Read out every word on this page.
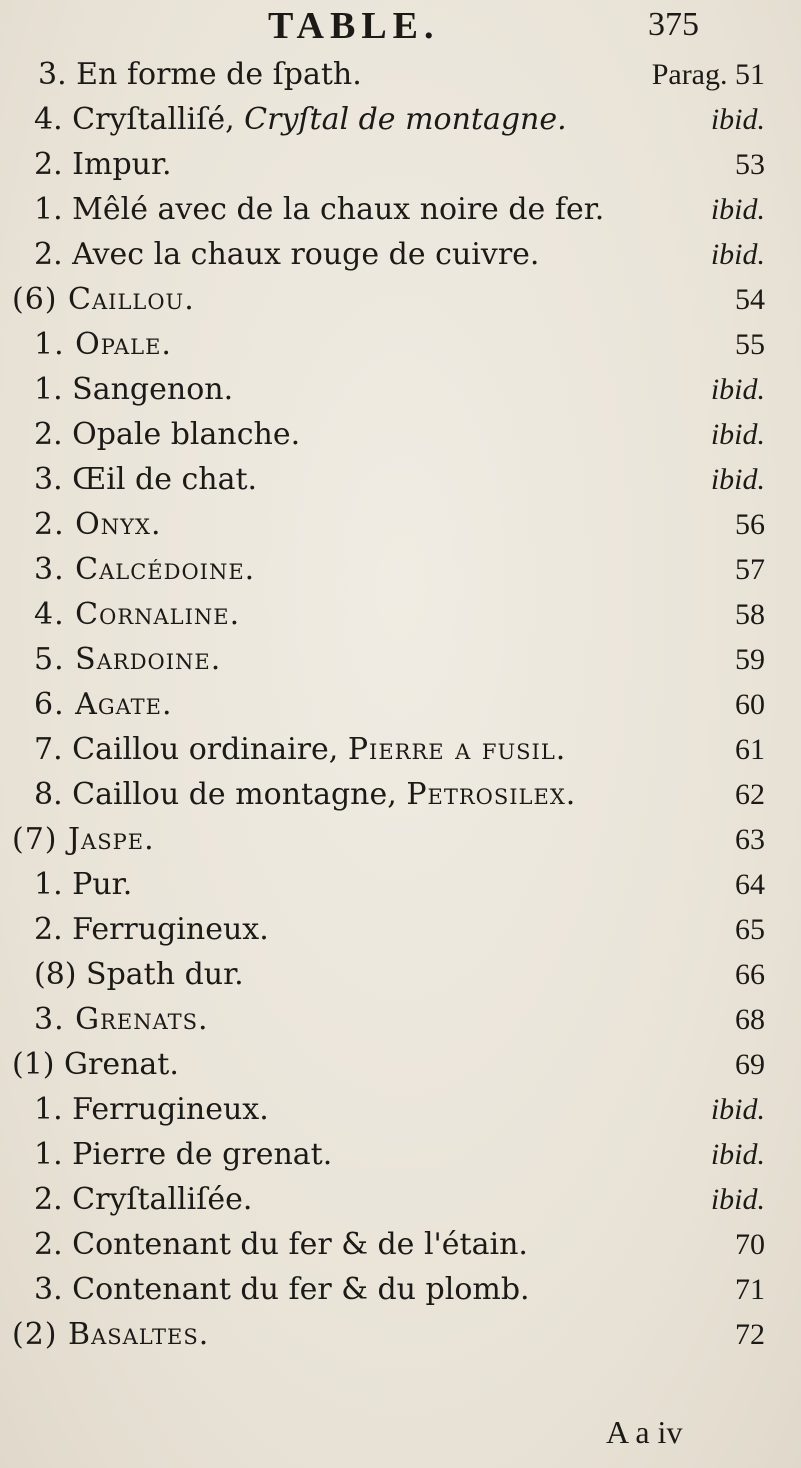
TABLE.	375
3. En forme de ſpath.	Parag. 51
4. Cryſtalliſé, Cryſtal de montagne.	ibid.
2. Impur.	53
1. Mêlé avec de la chaux noire de fer.	ibid.
2. Avec la chaux rouge de cuivre.	ibid.
(6) Caillou.	54
1. Opale.	55
1. Sangenon.	ibid.
2. Opale blanche.	ibid.
3. Œil de chat.	ibid.
2. Onyx.	56
3. Calcédoine.	57
4. Cornaline.	58
5. Sardoine.	59
6. Agate.	60
7. Caillou ordinaire, Pierre a fusil.	61
8. Caillou de montagne, Petrosilex.	62
(7) Jaspe.	63
1. Pur.	64
2. Ferrugineux.	65
(8) Spath dur.	66
3. Grenats.	68
(1) Grenat.	69
1. Ferrugineux.	ibid.
1. Pierre de grenat.	ibid.
2. Cryſtalliſée.	ibid.
2. Contenant du fer & de l'étain.	70
3. Contenant du fer & du plomb.	71
(2) Basaltes.	72
A a iv
